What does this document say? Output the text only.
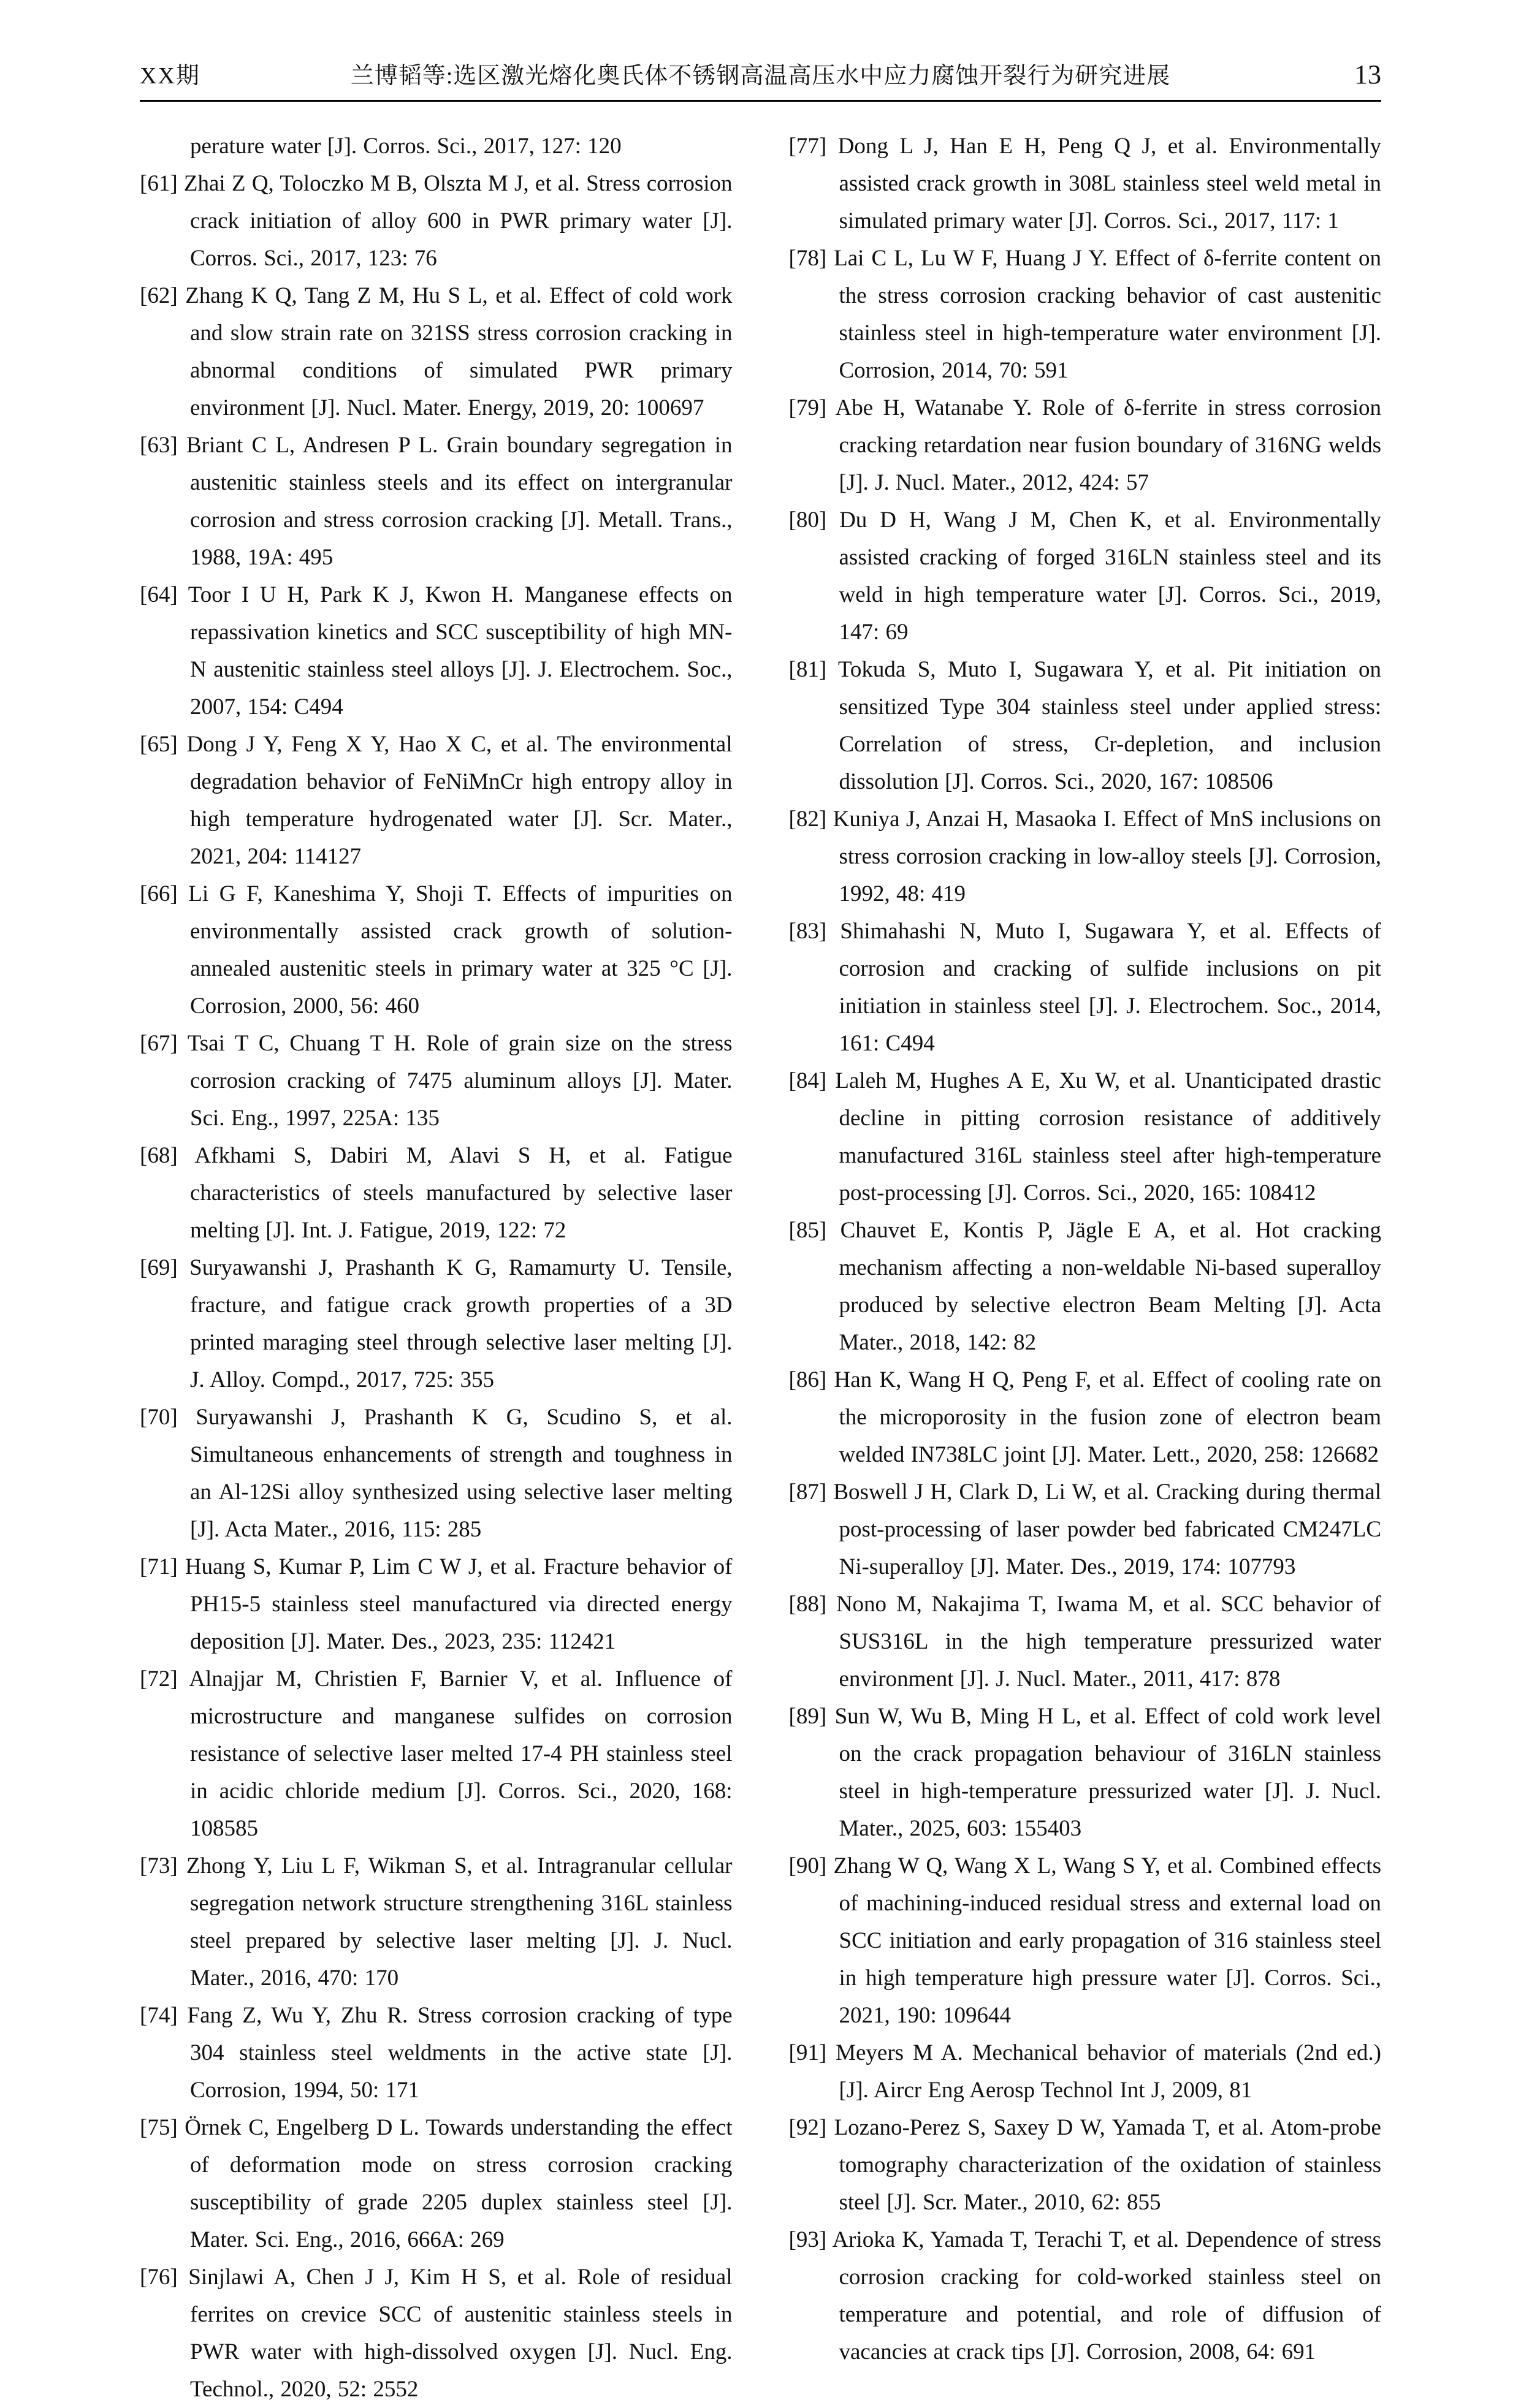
XX期	兰博韬等:选区激光熔化奥氏体不锈钢高温高压水中应力腐蚀开裂行为研究进展	13
perature water [J]. Corros. Sci., 2017, 127: 120
[61] Zhai Z Q, Toloczko M B, Olszta M J, et al. Stress corrosion crack initiation of alloy 600 in PWR primary water [J]. Corros. Sci., 2017, 123: 76
[62] Zhang K Q, Tang Z M, Hu S L, et al. Effect of cold work and slow strain rate on 321SS stress corrosion cracking in abnormal conditions of simulated PWR primary environment [J]. Nucl. Mater. Energy, 2019, 20: 100697
[63] Briant C L, Andresen P L. Grain boundary segregation in austenitic stainless steels and its effect on intergranular corrosion and stress corrosion cracking [J]. Metall. Trans., 1988, 19A: 495
[64] Toor I U H, Park K J, Kwon H. Manganese effects on repassivation kinetics and SCC susceptibility of high MN-N austenitic stainless steel alloys [J]. J. Electrochem. Soc., 2007, 154: C494
[65] Dong J Y, Feng X Y, Hao X C, et al. The environmental degradation behavior of FeNiMnCr high entropy alloy in high temperature hydrogenated water [J]. Scr. Mater., 2021, 204: 114127
[66] Li G F, Kaneshima Y, Shoji T. Effects of impurities on environmentally assisted crack growth of solution-annealed austenitic steels in primary water at 325 °C [J]. Corrosion, 2000, 56: 460
[67] Tsai T C, Chuang T H. Role of grain size on the stress corrosion cracking of 7475 aluminum alloys [J]. Mater. Sci. Eng., 1997, 225A: 135
[68] Afkhami S, Dabiri M, Alavi S H, et al. Fatigue characteristics of steels manufactured by selective laser melting [J]. Int. J. Fatigue, 2019, 122: 72
[69] Suryawanshi J, Prashanth K G, Ramamurty U. Tensile, fracture, and fatigue crack growth properties of a 3D printed maraging steel through selective laser melting [J]. J. Alloy. Compd., 2017, 725: 355
[70] Suryawanshi J, Prashanth K G, Scudino S, et al. Simultaneous enhancements of strength and toughness in an Al-12Si alloy synthesized using selective laser melting [J]. Acta Mater., 2016, 115: 285
[71] Huang S, Kumar P, Lim C W J, et al. Fracture behavior of PH15-5 stainless steel manufactured via directed energy deposition [J]. Mater. Des., 2023, 235: 112421
[72] Alnajjar M, Christien F, Barnier V, et al. Influence of microstructure and manganese sulfides on corrosion resistance of selective laser melted 17-4 PH stainless steel in acidic chloride medium [J]. Corros. Sci., 2020, 168: 108585
[73] Zhong Y, Liu L F, Wikman S, et al. Intragranular cellular segregation network structure strengthening 316L stainless steel prepared by selective laser melting [J]. J. Nucl. Mater., 2016, 470: 170
[74] Fang Z, Wu Y, Zhu R. Stress corrosion cracking of type 304 stainless steel weldments in the active state [J]. Corrosion, 1994, 50: 171
[75] Örnek C, Engelberg D L. Towards understanding the effect of deformation mode on stress corrosion cracking susceptibility of grade 2205 duplex stainless steel [J]. Mater. Sci. Eng., 2016, 666A: 269
[76] Sinjlawi A, Chen J J, Kim H S, et al. Role of residual ferrites on crevice SCC of austenitic stainless steels in PWR water with high-dissolved oxygen [J]. Nucl. Eng. Technol., 2020, 52: 2552
[77] Dong L J, Han E H, Peng Q J, et al. Environmentally assisted crack growth in 308L stainless steel weld metal in simulated primary water [J]. Corros. Sci., 2017, 117: 1
[78] Lai C L, Lu W F, Huang J Y. Effect of δ-ferrite content on the stress corrosion cracking behavior of cast austenitic stainless steel in high-temperature water environment [J]. Corrosion, 2014, 70: 591
[79] Abe H, Watanabe Y. Role of δ-ferrite in stress corrosion cracking retardation near fusion boundary of 316NG welds [J]. J. Nucl. Mater., 2012, 424: 57
[80] Du D H, Wang J M, Chen K, et al. Environmentally assisted cracking of forged 316LN stainless steel and its weld in high temperature water [J]. Corros. Sci., 2019, 147: 69
[81] Tokuda S, Muto I, Sugawara Y, et al. Pit initiation on sensitized Type 304 stainless steel under applied stress: Correlation of stress, Cr-depletion, and inclusion dissolution [J]. Corros. Sci., 2020, 167: 108506
[82] Kuniya J, Anzai H, Masaoka I. Effect of MnS inclusions on stress corrosion cracking in low-alloy steels [J]. Corrosion, 1992, 48: 419
[83] Shimahashi N, Muto I, Sugawara Y, et al. Effects of corrosion and cracking of sulfide inclusions on pit initiation in stainless steel [J]. J. Electrochem. Soc., 2014, 161: C494
[84] Laleh M, Hughes A E, Xu W, et al. Unanticipated drastic decline in pitting corrosion resistance of additively manufactured 316L stainless steel after high-temperature post-processing [J]. Corros. Sci., 2020, 165: 108412
[85] Chauvet E, Kontis P, Jägle E A, et al. Hot cracking mechanism affecting a non-weldable Ni-based superalloy produced by selective electron Beam Melting [J]. Acta Mater., 2018, 142: 82
[86] Han K, Wang H Q, Peng F, et al. Effect of cooling rate on the microporosity in the fusion zone of electron beam welded IN738LC joint [J]. Mater. Lett., 2020, 258: 126682
[87] Boswell J H, Clark D, Li W, et al. Cracking during thermal post-processing of laser powder bed fabricated CM247LC Ni-superalloy [J]. Mater. Des., 2019, 174: 107793
[88] Nono M, Nakajima T, Iwama M, et al. SCC behavior of SUS316L in the high temperature pressurized water environment [J]. J. Nucl. Mater., 2011, 417: 878
[89] Sun W, Wu B, Ming H L, et al. Effect of cold work level on the crack propagation behaviour of 316LN stainless steel in high-temperature pressurized water [J]. J. Nucl. Mater., 2025, 603: 155403
[90] Zhang W Q, Wang X L, Wang S Y, et al. Combined effects of machining-induced residual stress and external load on SCC initiation and early propagation of 316 stainless steel in high temperature high pressure water [J]. Corros. Sci., 2021, 190: 109644
[91] Meyers M A. Mechanical behavior of materials (2nd ed.) [J]. Aircr Eng Aerosp Technol Int J, 2009, 81
[92] Lozano-Perez S, Saxey D W, Yamada T, et al. Atom-probe tomography characterization of the oxidation of stainless steel [J]. Scr. Mater., 2010, 62: 855
[93] Arioka K, Yamada T, Terachi T, et al. Dependence of stress corrosion cracking for cold-worked stainless steel on temperature and potential, and role of diffusion of vacancies at crack tips [J]. Corrosion, 2008, 64: 691
